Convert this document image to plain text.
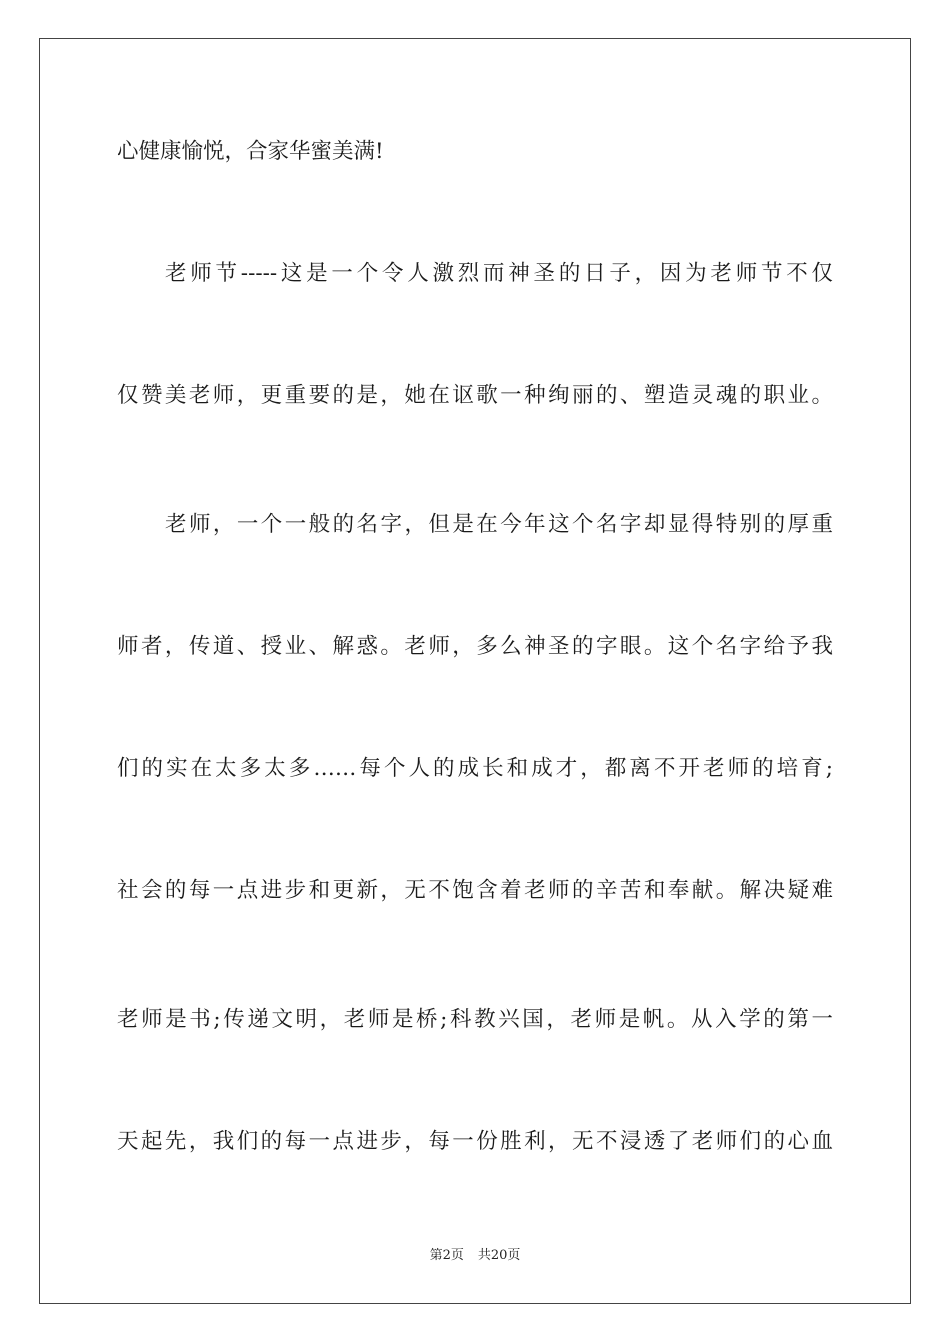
心健康愉悦，合家华蜜美满!
老师节-----这是一个令人激烈而神圣的日子，因为老师节不仅
仅赞美老师，更重要的是，她在讴歌一种绚丽的、塑造灵魂的职业。
老师，一个一般的名字，但是在今年这个名字却显得特别的厚重
师者，传道、授业、解惑。老师，多么神圣的字眼。这个名字给予我
们的实在太多太多……每个人的成长和成才，都离不开老师的培育;
社会的每一点进步和更新，无不饱含着老师的辛苦和奉献。解决疑难
老师是书;传递文明，老师是桥;科教兴国，老师是帆。从入学的第一
天起先，我们的每一点进步，每一份胜利，无不浸透了老师们的心血
第2页 共20页
